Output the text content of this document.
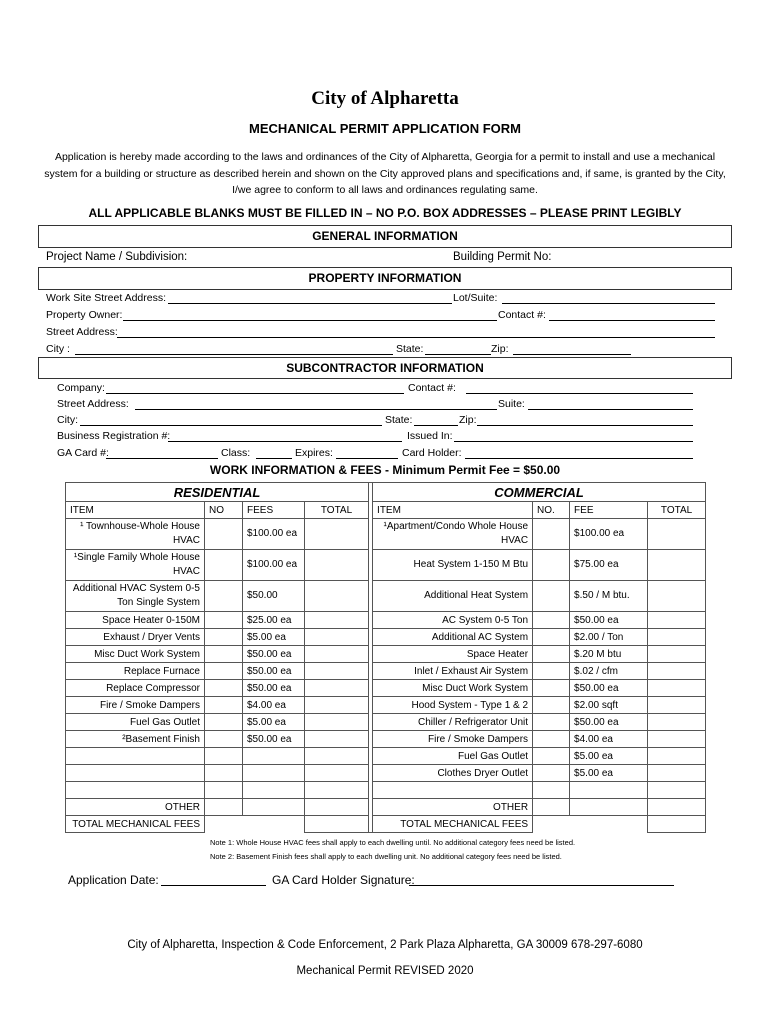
City of Alpharetta
MECHANICAL PERMIT APPLICATION FORM
Application is hereby made according to the laws and ordinances of the City of Alpharetta, Georgia for a permit to install and use a mechanical system for a building or structure as described herein and shown on the City approved plans and specifications and, if same, is granted by the City, I/we agree to conform to all laws and ordinances regulating same.
ALL APPLICABLE BLANKS MUST BE FILLED IN – NO P.O. BOX ADDRESSES – PLEASE PRINT LEGIBLY
GENERAL INFORMATION
Project Name / Subdivision:	Building Permit No:
PROPERTY INFORMATION
Work Site Street Address:	Lot/Suite:
Property Owner:	Contact #:
Street Address:
City :	State:	Zip:
SUBCONTRACTOR INFORMATION
Company:	Contact #:
Street Address:	Suite:
City:	State:	Zip:
Business Registration #:	Issued In:
GA Card #:	Class:	Expires:	Card Holder:
WORK INFORMATION & FEES - Minimum Permit Fee = $50.00
RESIDENTIAL					COMMERCIAL			
ITEM	NO	FEES	TOTAL		ITEM	NO.	FEE	TOTAL
¹ Townhouse-Whole House HVAC		$100.00 ea			¹Apartment/Condo Whole House HVAC		$100.00 ea	
¹Single Family Whole House HVAC		$100.00 ea			Heat System 1-150 M Btu		$75.00 ea	
Additional HVAC System 0-5 Ton Single System		$50.00			Additional Heat System		$.50 / M btu.	
Space Heater 0-150M		$25.00 ea			AC System 0-5 Ton		$50.00 ea	
Exhaust / Dryer Vents		$5.00 ea			Additional AC System		$2.00 / Ton	
Misc Duct Work System		$50.00 ea			Space Heater		$.20 M btu	
Replace Furnace		$50.00 ea			Inlet / Exhaust Air System		$.02 / cfm	
Replace Compressor		$50.00 ea			Misc Duct Work System		$50.00 ea	
Fire / Smoke Dampers		$4.00 ea			Hood System - Type 1 & 2		$2.00 sqft	
Fuel Gas Outlet		$5.00 ea			Chiller / Refrigerator Unit		$50.00 ea	
²Basement Finish		$50.00 ea			Fire / Smoke Dampers		$4.00 ea	
					Fuel Gas Outlet		$5.00 ea	
					Clothes Dryer Outlet		$5.00 ea	

OTHER					OTHER			
TOTAL MECHANICAL FEES					TOTAL MECHANICAL FEES			
Note 1: Whole House HVAC fees shall apply to each dwelling until. No additional category fees need be listed.
Note 2: Basement Finish fees shall apply to each dwelling unit. No additional category fees need be listed.
Application Date:	GA Card Holder Signature:
City of Alpharetta, Inspection & Code Enforcement, 2 Park Plaza Alpharetta, GA 30009 678-297-6080
Mechanical Permit REVISED 2020
